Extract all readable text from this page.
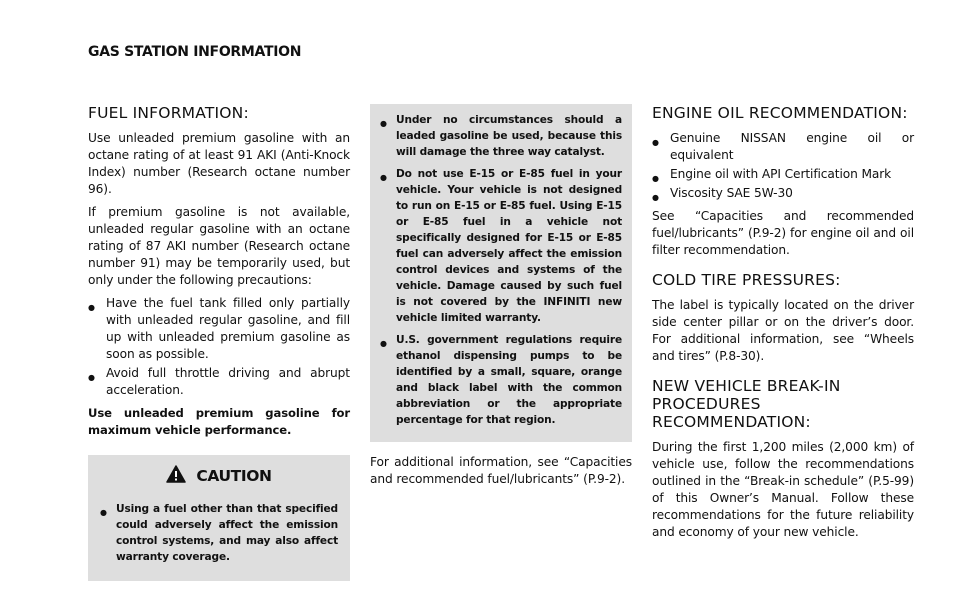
GAS STATION INFORMATION
FUEL INFORMATION:

Use unleaded premium gasoline with an octane rating of at least 91 AKI (Anti-Knock Index) number (Research octane number 96).

If premium gasoline is not available, unleaded regular gasoline with an octane rating of 87 AKI number (Research octane number 91) may be temporarily used, but only under the following precautions:

● Have the fuel tank filled only partially with unleaded regular gasoline, and fill up with unleaded premium gasoline as soon as possible.
● Avoid full throttle driving and abrupt acceleration.

Use unleaded premium gasoline for maximum vehicle performance.

CAUTION
● Using a fuel other than that specified could adversely affect the emission control systems, and may also affect warranty coverage.
● Under no circumstances should a leaded gasoline be used, because this will damage the three way catalyst.
● Do not use E-15 or E-85 fuel in your vehicle. Your vehicle is not designed to run on E-15 or E-85 fuel. Using E-15 or E-85 fuel in a vehicle not specifically designed for E-15 or E-85 fuel can adversely affect the emission control devices and systems of the vehicle. Damage caused by such fuel is not covered by the INFINITI new vehicle limited warranty.
● U.S. government regulations require ethanol dispensing pumps to be identified by a small, square, orange and black label with the common abbreviation or the appropriate percentage for that region.

For additional information, see “Capacities and recommended fuel/lubricants” (P.9-2).

ENGINE OIL RECOMMENDATION:
● Genuine NISSAN engine oil or equivalent
● Engine oil with API Certification Mark
● Viscosity SAE 5W-30

See “Capacities and recommended fuel/lubricants” (P.9-2) for engine oil and oil filter recommendation.

COLD TIRE PRESSURES:

The label is typically located on the driver side center pillar or on the driver’s door. For additional information, see “Wheels and tires” (P.8-30).

NEW VEHICLE BREAK-IN PROCEDURES RECOMMENDATION:

During the first 1,200 miles (2,000 km) of vehicle use, follow the recommendations outlined in the “Break-in schedule” (P.5-99) of this Owner’s Manual. Follow these recommendations for the future reliability and economy of your new vehicle.
